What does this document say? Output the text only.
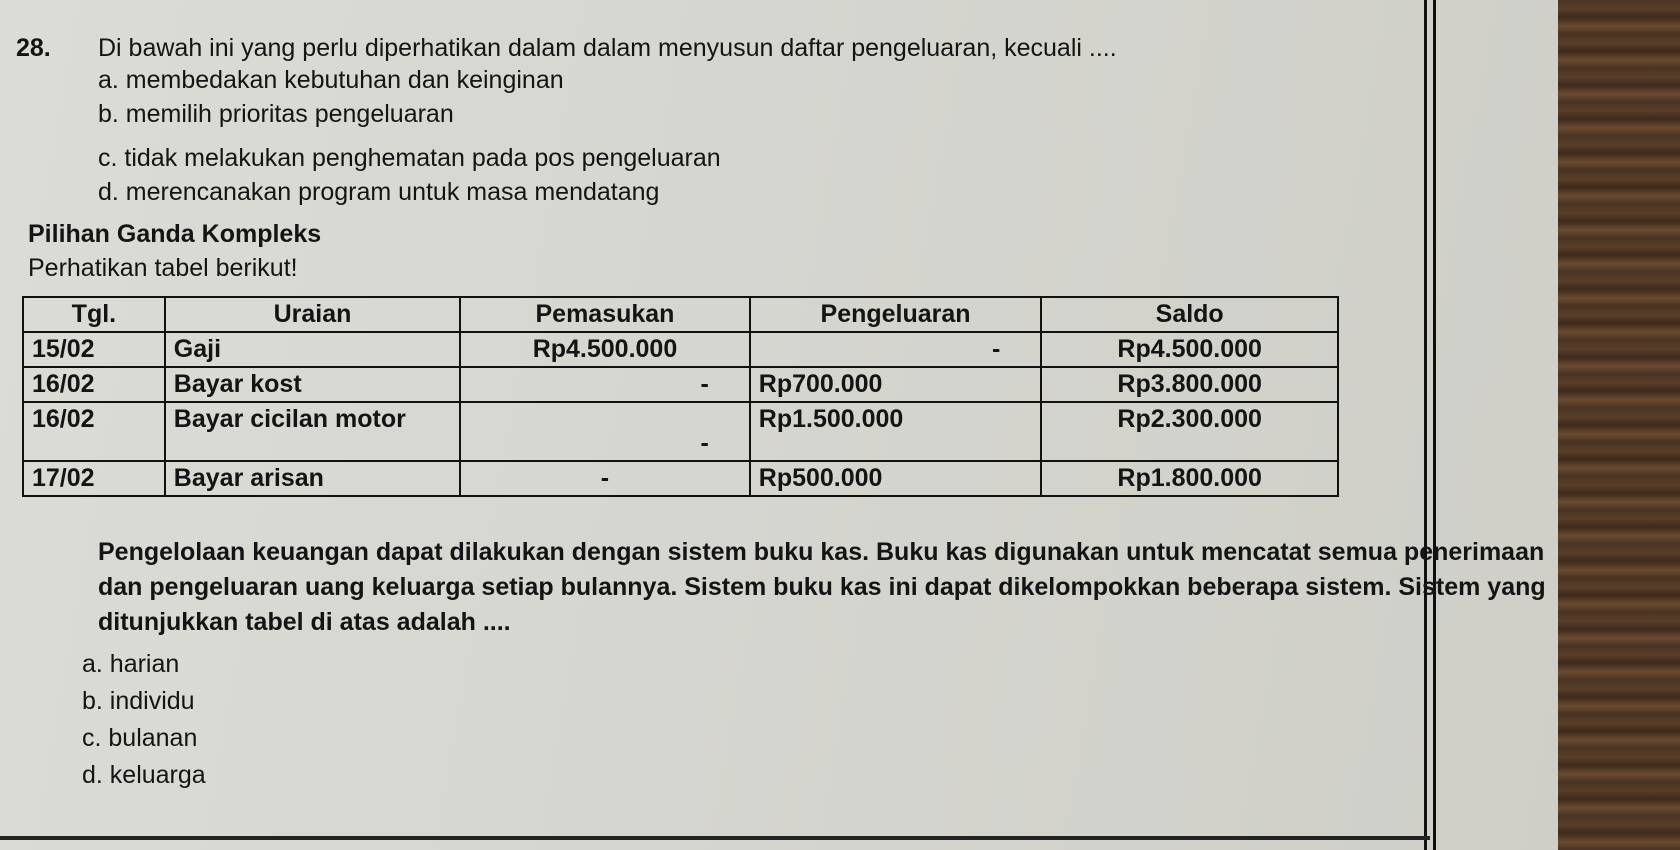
28. Di bawah ini yang perlu diperhatikan dalam dalam menyusun daftar pengeluaran, kecuali ....
a. membedakan kebutuhan dan keinginan
b. memilih prioritas pengeluaran
c. tidak melakukan penghematan pada pos pengeluaran
d. merencanakan program untuk masa mendatang
Pilihan Ganda Kompleks
Perhatikan tabel berikut!
Tgl.	Uraian	Pemasukan	Pengeluaran	Saldo
15/02	Gaji	Rp4.500.000	-	Rp4.500.000
16/02	Bayar kost	-	Rp700.000	Rp3.800.000
16/02	Bayar cicilan motor	-	Rp1.500.000	Rp2.300.000
17/02	Bayar arisan	-	Rp500.000	Rp1.800.000
Pengelolaan keuangan dapat dilakukan dengan sistem buku kas. Buku kas digunakan untuk mencatat semua penerimaan dan pengeluaran uang keluarga setiap bulannya. Sistem buku kas ini dapat dikelompokkan beberapa sistem. Sistem yang ditunjukkan tabel di atas adalah ....
a. harian
b. individu
c. bulanan
d. keluarga
